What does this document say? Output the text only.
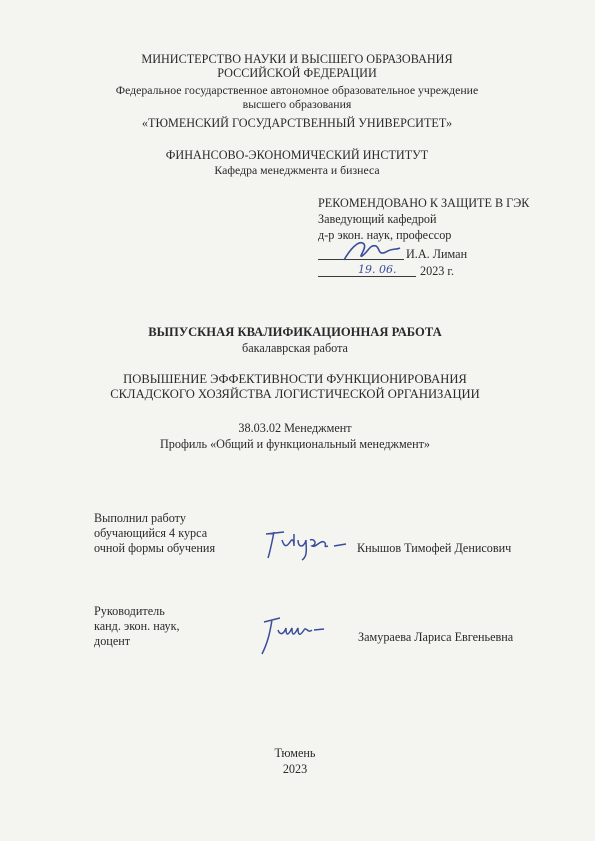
МИНИСТЕРСТВО НАУКИ И ВЫСШЕГО ОБРАЗОВАНИЯ
РОССИЙСКОЙ ФЕДЕРАЦИИ
Федеральное государственное автономное образовательное учреждение
высшего образования
«ТЮМЕНСКИЙ ГОСУДАРСТВЕННЫЙ УНИВЕРСИТЕТ»
ФИНАНСОВО-ЭКОНОМИЧЕСКИЙ ИНСТИТУТ
Кафедра менеджмента и бизнеса
РЕКОМЕНДОВАНО К ЗАЩИТЕ В ГЭК
Заведующий кафедрой
д-р экон. наук, профессор
И.А. Лиман
19. 06. 2023 г.
ВЫПУСКНАЯ КВАЛИФИКАЦИОННАЯ РАБОТА
бакалаврская работа
ПОВЫШЕНИЕ ЭФФЕКТИВНОСТИ ФУНКЦИОНИРОВАНИЯ
СКЛАДСКОГО ХОЗЯЙСТВА ЛОГИСТИЧЕСКОЙ ОРГАНИЗАЦИИ
38.03.02 Менеджмент
Профиль «Общий и функциональный менеджмент»
Выполнил работу
обучающийся 4 курса
очной формы обучения	Кнышов Тимофей Денисович
Руководитель
канд. экон. наук,
доцент	Замураева Лариса Евгеньевна
Тюмень
2023
